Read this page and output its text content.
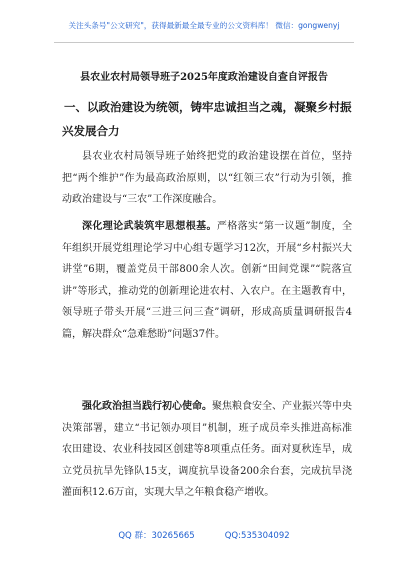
关注头条号"公文研究"，获得最新最全最专业的公文资料库！ 微信：gongwenyj
县农业农村局领导班子2025年度政治建设自查自评报告
一、以政治建设为统领，铸牢忠诚担当之魂，凝聚乡村振兴发展合力
县农业农村局领导班子始终把党的政治建设摆在首位，坚持把“两个维护”作为最高政治原则，以“红领三农”行动为引领，推动政治建设与“三农”工作深度融合。
深化理论武装筑牢思想根基。严格落实“第一议题”制度，全年组织开展党组理论学习中心组专题学习12次，开展“乡村振兴大讲堂”6期，覆盖党员干部800余人次。创新“田间党课”“院落宣讲”等形式，推动党的创新理论进农村、入农户。在主题教育中，领导班子带头开展“三进三问三查”调研，形成高质量调研报告4篇，解决群众“急难愁盼”问题37件。
强化政治担当践行初心使命。聚焦粮食安全、产业振兴等中央决策部署，建立“书记领办项目”机制，班子成员牵头推进高标准农田建设、农业科技园区创建等8项重点任务。面对夏秋连旱，成立党员抗旱先锋队15支，调度抗旱设备200余台套，完成抗旱浇灌面积12.6万亩，实现大旱之年粮食稳产增收。
QQ 群：30265665	QQ:535304092
